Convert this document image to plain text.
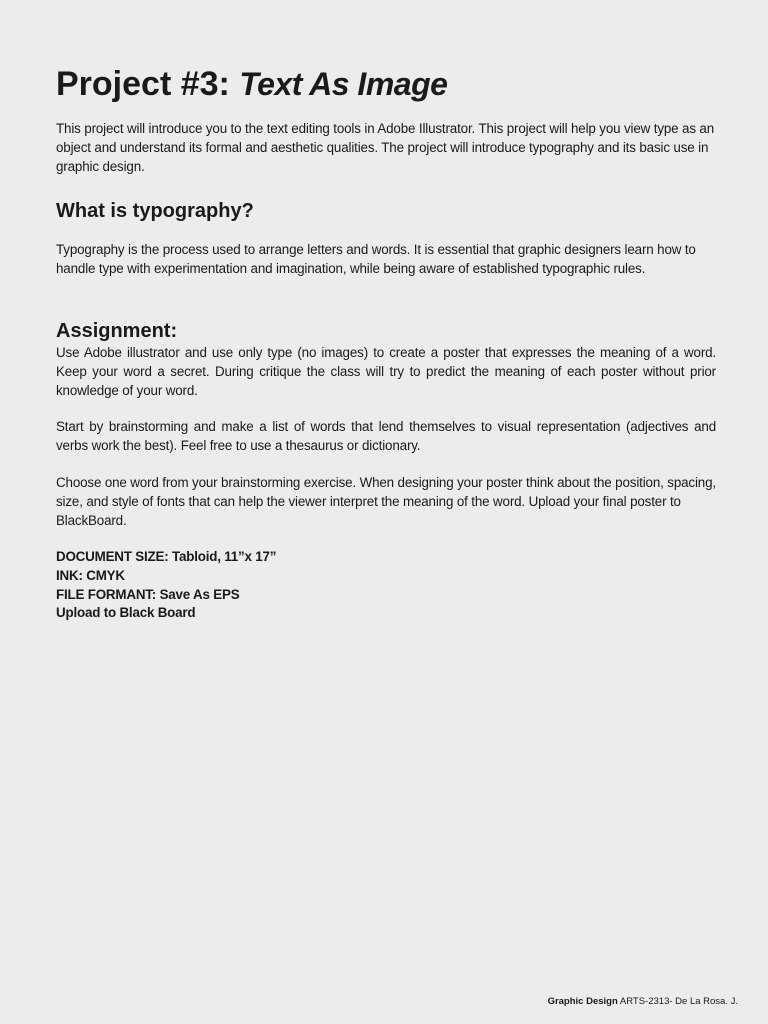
Project #3: Text As Image

This project will introduce you to the text editing tools in Adobe Illustrator. This project will help you view type as an object and understand its formal and aesthetic qualities. The project will introduce typography and its basic use in graphic design.

What is typography?

Typography is the process used to arrange letters and words. It is essential that graphic designers learn how to handle type with experimentation and imagination, while being aware of established typographic rules.

Assignment:

Use Adobe illustrator and use only type (no images) to create a poster that expresses the meaning of a word. Keep your word a secret. During critique the class will try to predict the meaning of each poster without prior knowledge of your word.

Start by brainstorming and make a list of words that lend themselves to visual representation (adjectives and verbs work the best). Feel free to use a thesaurus or dictionary.

Choose one word from your brainstorming exercise. When designing your poster think about the position, spacing, size, and style of fonts that can help the viewer interpret the meaning of the word. Upload your final poster to BlackBoard.

DOCUMENT SIZE: Tabloid, 11”x 17”
INK: CMYK
FILE FORMANT: Save As EPS
Upload to Black Board
Graphic Design ARTS-2313- De La Rosa. J.
